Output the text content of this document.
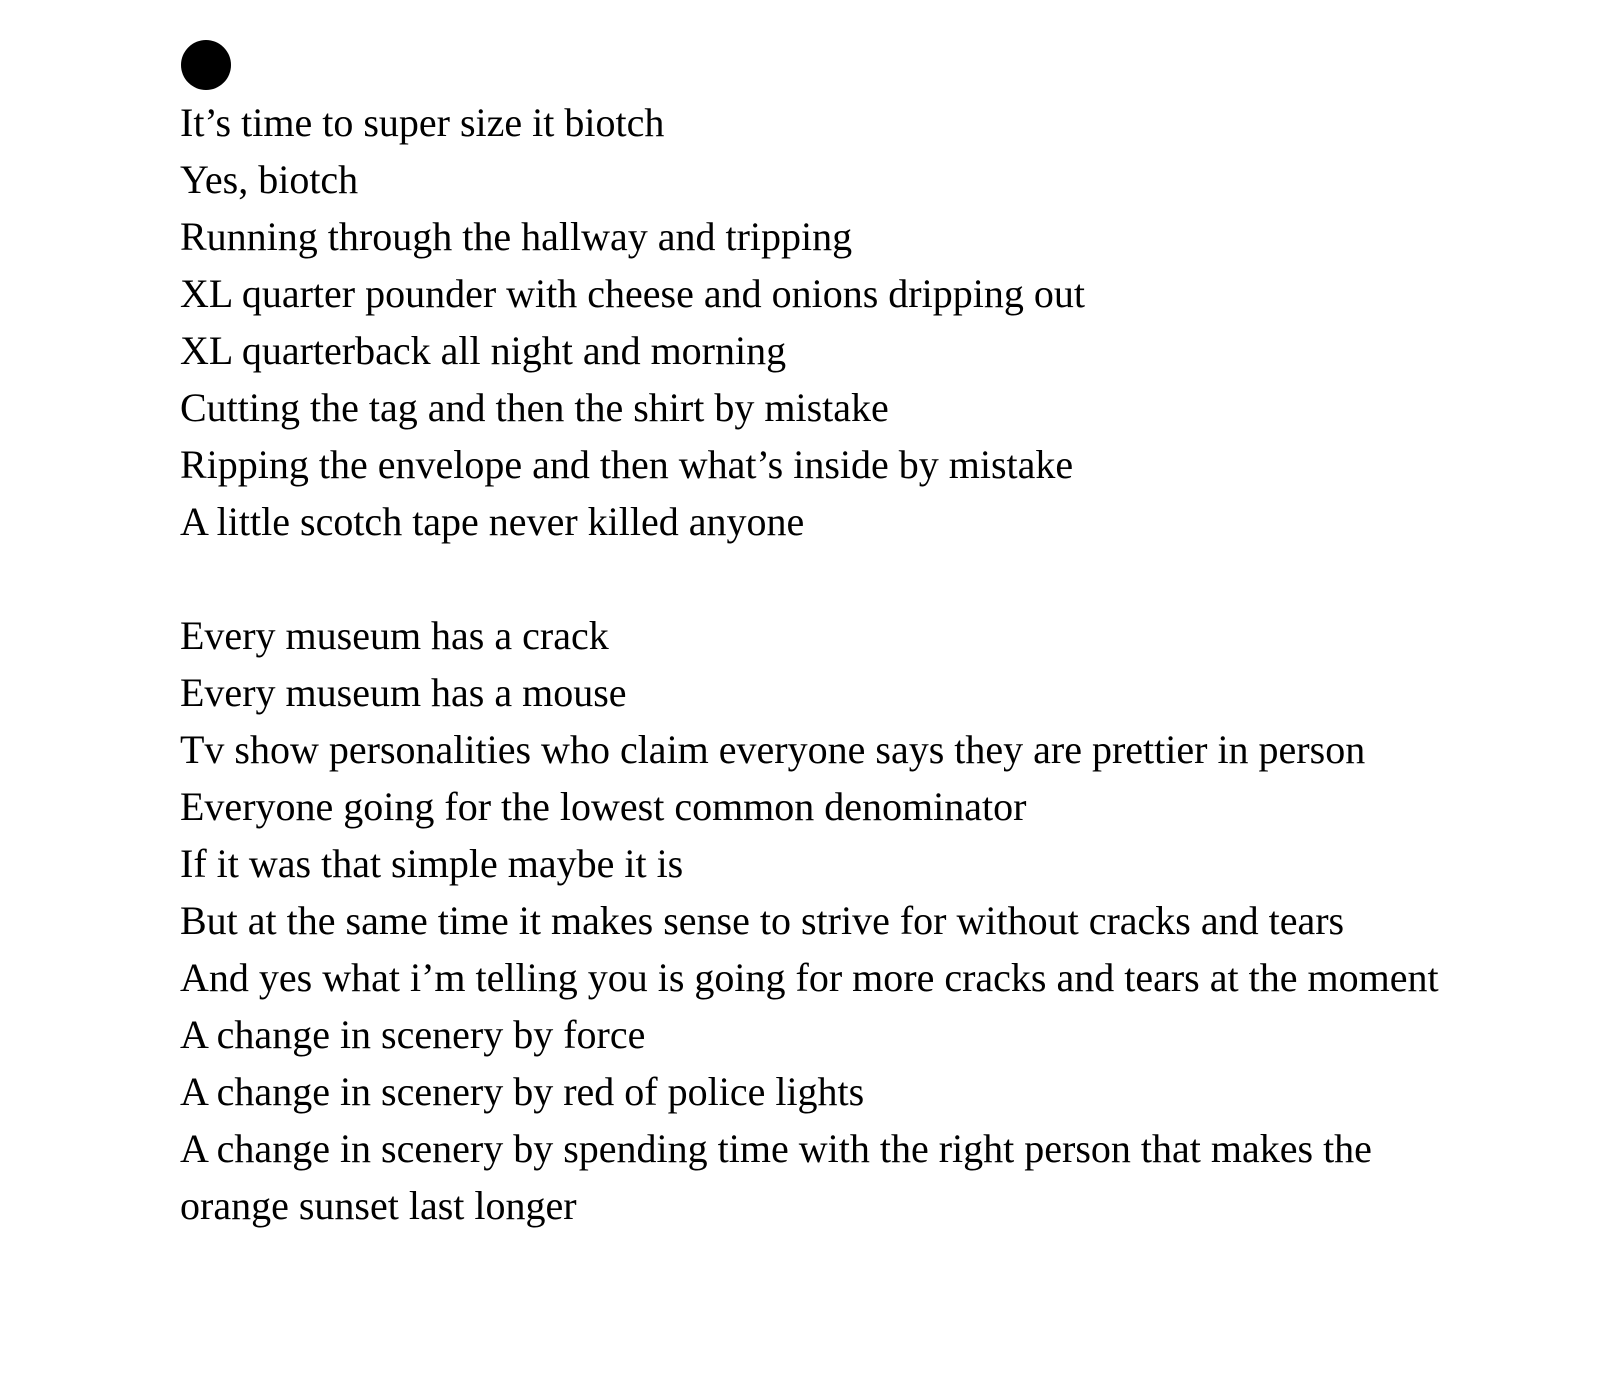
It’s time to super size it biotch
Yes, biotch
Running through the hallway and tripping
XL quarter pounder with cheese and onions dripping out
XL quarterback all night and morning
Cutting the tag and then the shirt by mistake
Ripping the envelope and then what’s inside by mistake
A little scotch tape never killed anyone
Every museum has a crack
Every museum has a mouse
Tv show personalities who claim everyone says they are prettier in person
Everyone going for the lowest common denominator
If it was that simple maybe it is
But at the same time it makes sense to strive for without cracks and tears
And yes what i’m telling you is going for more cracks and tears at the moment
A change in scenery by force
A change in scenery by red of police lights
A change in scenery by spending time with the right person that makes the orange sunset last longer
